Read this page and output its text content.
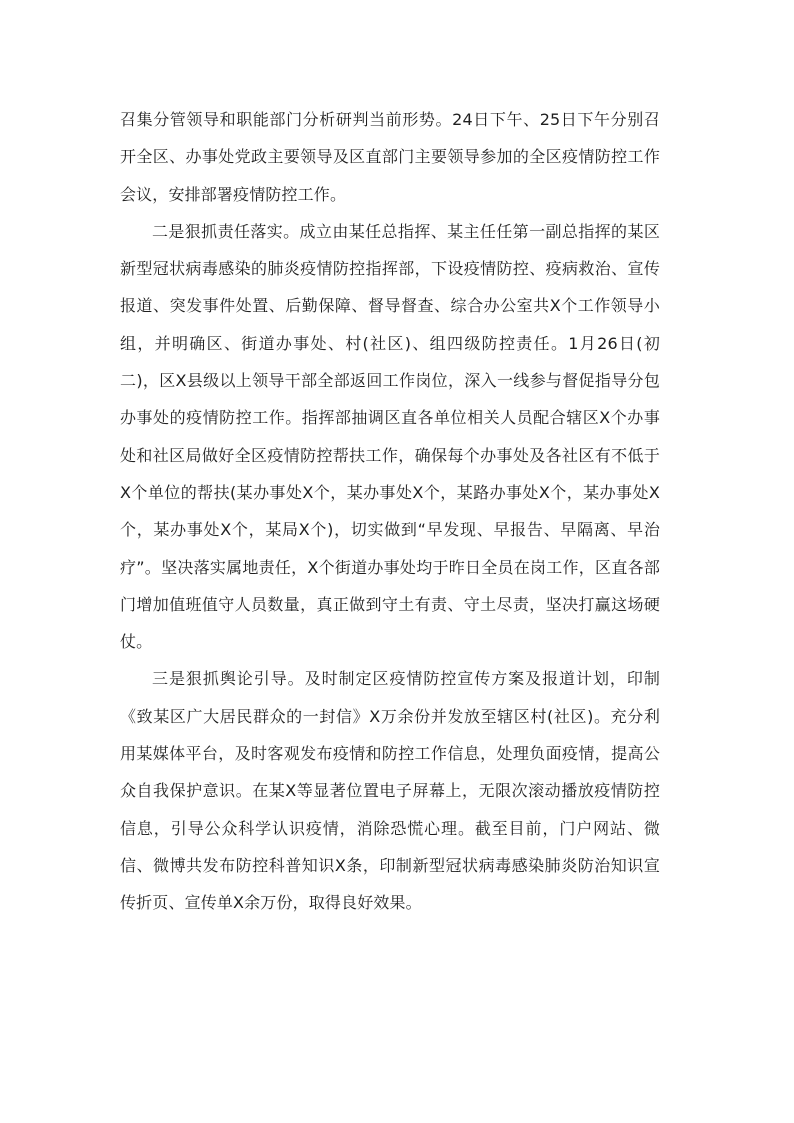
召集分管领导和职能部门分析研判当前形势。24日下午、25日下午分别召开全区、办事处党政主要领导及区直部门主要领导参加的全区疫情防控工作会议，安排部署疫情防控工作。

二是狠抓责任落实。成立由某任总指挥、某主任任第一副总指挥的某区新型冠状病毒感染的肺炎疫情防控指挥部，下设疫情防控、疫病救治、宣传报道、突发事件处置、后勤保障、督导督查、综合办公室共X个工作领导小组，并明确区、街道办事处、村(社区)、组四级防控责任。1月26日(初二)，区X县级以上领导干部全部返回工作岗位，深入一线参与督促指导分包办事处的疫情防控工作。指挥部抽调区直各单位相关人员配合辖区X个办事处和社区局做好全区疫情防控帮扶工作，确保每个办事处及各社区有不低于X个单位的帮扶(某办事处X个，某办事处X个，某路办事处X个，某办事处X个，某办事处X个，某局X个)，切实做到“早发现、早报告、早隔离、早治疗”。坚决落实属地责任，X个街道办事处均于昨日全员在岗工作，区直各部门增加值班值守人员数量，真正做到守土有责、守土尽责，坚决打赢这场硬仗。

三是狠抓舆论引导。及时制定区疫情防控宣传方案及报道计划，印制《致某区广大居民群众的一封信》X万余份并发放至辖区村(社区)。充分利用某媒体平台，及时客观发布疫情和防控工作信息，处理负面疫情，提高公众自我保护意识。在某X等显著位置电子屏幕上，无限次滚动播放疫情防控信息，引导公众科学认识疫情，消除恐慌心理。截至目前，门户网站、微信、微博共发布防控科普知识X条，印制新型冠状病毒感染肺炎防治知识宣传折页、宣传单X余万份，取得良好效果。
